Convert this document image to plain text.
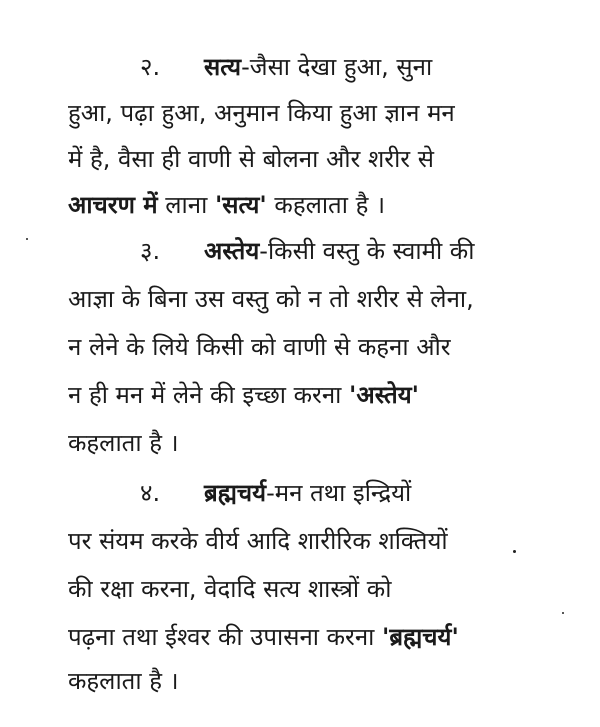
२. सत्य-जैसा देखा हुआ, सुना
हुआ, पढ़ा हुआ, अनुमान किया हुआ ज्ञान मन
में है, वैसा ही वाणी से बोलना और शरीर से
आचरण में लाना 'सत्य' कहलाता है ।
३. अस्तेय-किसी वस्तु के स्वामी की
आज्ञा के बिना उस वस्तु को न तो शरीर से लेना,
न लेने के लिये किसी को वाणी से कहना और
न ही मन में लेने की इच्छा करना 'अस्तेय'
कहलाता है ।
४. ब्रह्मचर्य-मन तथा इन्द्रियों
पर संयम करके वीर्य आदि शारीरिक शक्तियों
की रक्षा करना, वेदादि सत्य शास्त्रों को
पढ़ना तथा ईश्वर की उपासना करना 'ब्रह्मचर्य'
कहलाता है ।
